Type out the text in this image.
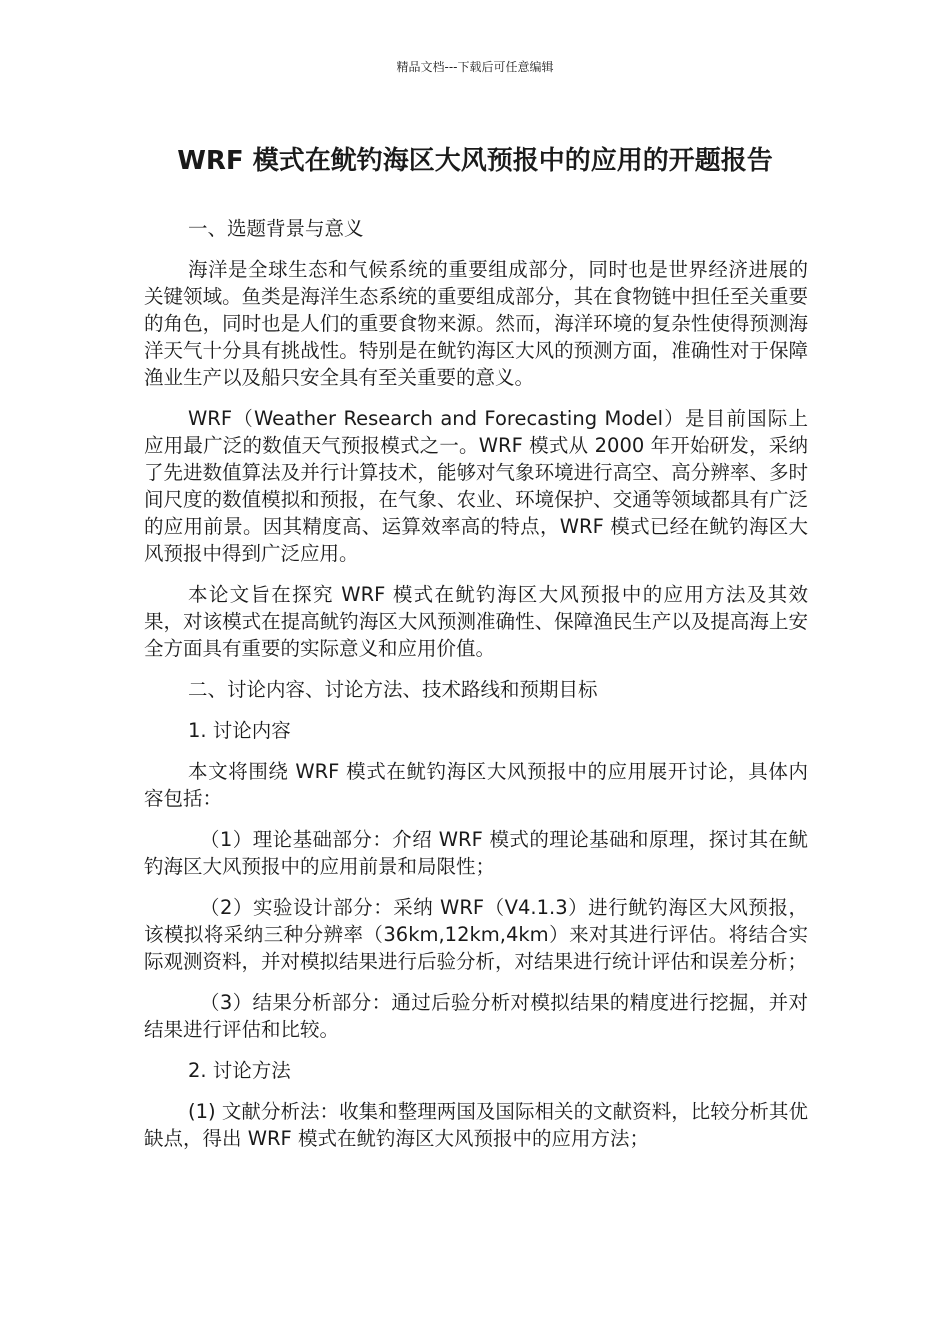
精品文档---下载后可任意编辑
WRF 模式在鱿钓海区大风预报中的应用的开题报告

一、选题背景与意义

海洋是全球生态和气候系统的重要组成部分，同时也是世界经济进展的关键领域。鱼类是海洋生态系统的重要组成部分，其在食物链中担任至关重要的角色，同时也是人们的重要食物来源。然而，海洋环境的复杂性使得预测海洋天气十分具有挑战性。特别是在鱿钓海区大风的预测方面，准确性对于保障渔业生产以及船只安全具有至关重要的意义。

WRF（Weather Research and Forecasting Model）是目前国际上应用最广泛的数值天气预报模式之一。WRF 模式从 2000 年开始研发，采纳了先进数值算法及并行计算技术，能够对气象环境进行高空、高分辨率、多时间尺度的数值模拟和预报，在气象、农业、环境保护、交通等领域都具有广泛的应用前景。因其精度高、运算效率高的特点，WRF 模式已经在鱿钓海区大风预报中得到广泛应用。

本论文旨在探究 WRF 模式在鱿钓海区大风预报中的应用方法及其效果，对该模式在提高鱿钓海区大风预测准确性、保障渔民生产以及提高海上安全方面具有重要的实际意义和应用价值。

二、讨论内容、讨论方法、技术路线和预期目标

1. 讨论内容

本文将围绕 WRF 模式在鱿钓海区大风预报中的应用展开讨论，具体内容包括：

（1）理论基础部分：介绍 WRF 模式的理论基础和原理，探讨其在鱿钓海区大风预报中的应用前景和局限性；

（2）实验设计部分：采纳 WRF（V4.1.3）进行鱿钓海区大风预报，该模拟将采纳三种分辨率（36km,12km,4km）来对其进行评估。将结合实际观测资料，并对模拟结果进行后验分析，对结果进行统计评估和误差分析；

（3）结果分析部分：通过后验分析对模拟结果的精度进行挖掘，并对结果进行评估和比较。

2. 讨论方法

(1) 文献分析法：收集和整理两国及国际相关的文献资料，比较分析其优缺点，得出 WRF 模式在鱿钓海区大风预报中的应用方法；
